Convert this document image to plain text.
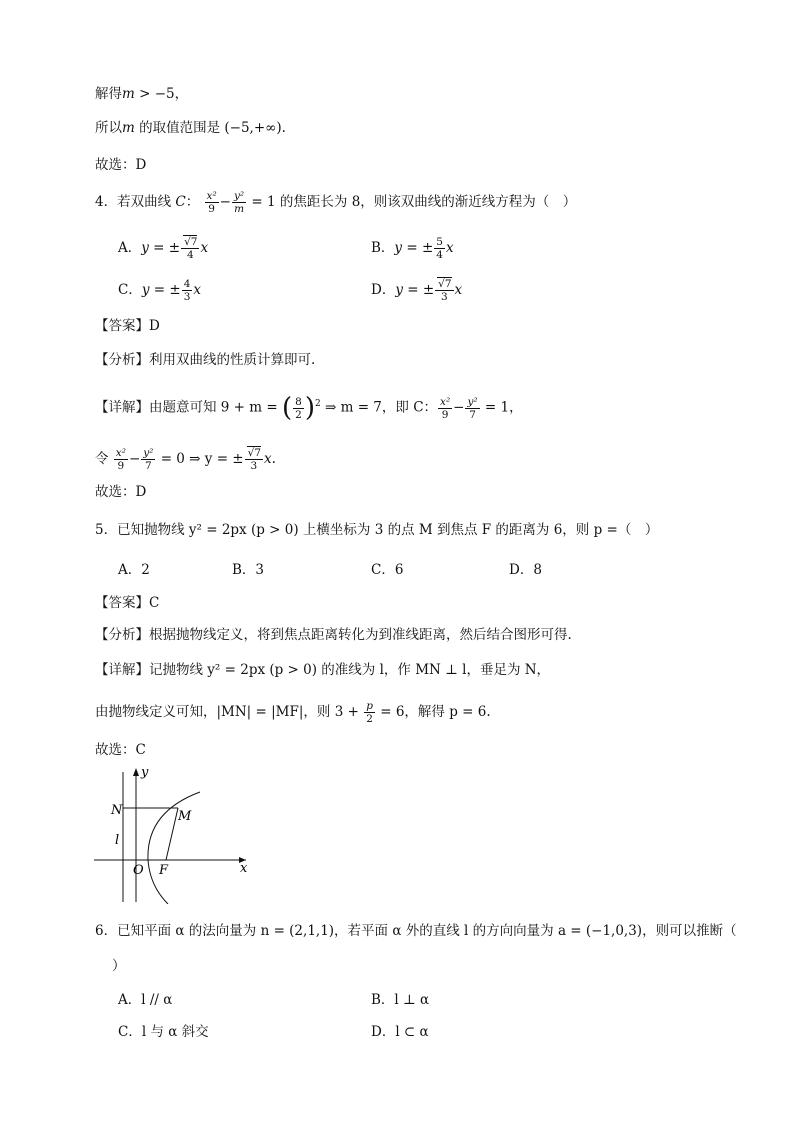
解得m > −5，
所以m 的取值范围是 (−5,+∞).
故选：D
4．若双曲线 C： $\frac{\text{x²}}{9} - \frac{\text{y²}}{m} = 1$ 的焦距长为 8，则该双曲线的渐近线方程为（　）
A．y = ± $\frac{√7}{4}$ x	B．y = ± $\frac{5}{4}$ x
C．y = ± $\frac{4}{3}$ x	D．y = ± $\frac{√7}{3}$ x
【答案】D
【分析】利用双曲线的性质计算即可.
【详解】由题意可知 9 + m = ( $\frac{8}{2} )^2$ ⇒ m = 7，即 C： $\frac{\text{x²}}{9} - \frac{\text{y²}}{7} = 1$，
令 $\frac{\text{x²}}{9} - \frac{\text{y²}}{7} = 0$ ⇒ y = ± $\frac{√7}{3} x$.
故选：D
5．已知抛物线 y² = 2px (p > 0) 上横坐标为 3 的点 M 到焦点 F 的距离为 6，则 p =（　）
A．2	B．3	C．6	D．8
【答案】C
【分析】根据抛物线定义，将到焦点距离转化为到准线距离，然后结合图形可得.
【详解】记抛物线 y² = 2px (p > 0) 的准线为 l，作 MN ⊥ l，垂足为 N，
由抛物线定义可知，|MN| = |MF|，则 $3 + \frac{p}{2} = 6$，解得 p = 6.
故选：C
y
x
N	M
l
O F
6．已知平面 α 的法向量为 n = (2,1,1)，若平面 α 外的直线 l 的方向向量为 a = (−1,0,3)，则可以推断（
）
A．l // α	B．l ⊥ α
C．l 与 α 斜交	D．l ⊂ α
